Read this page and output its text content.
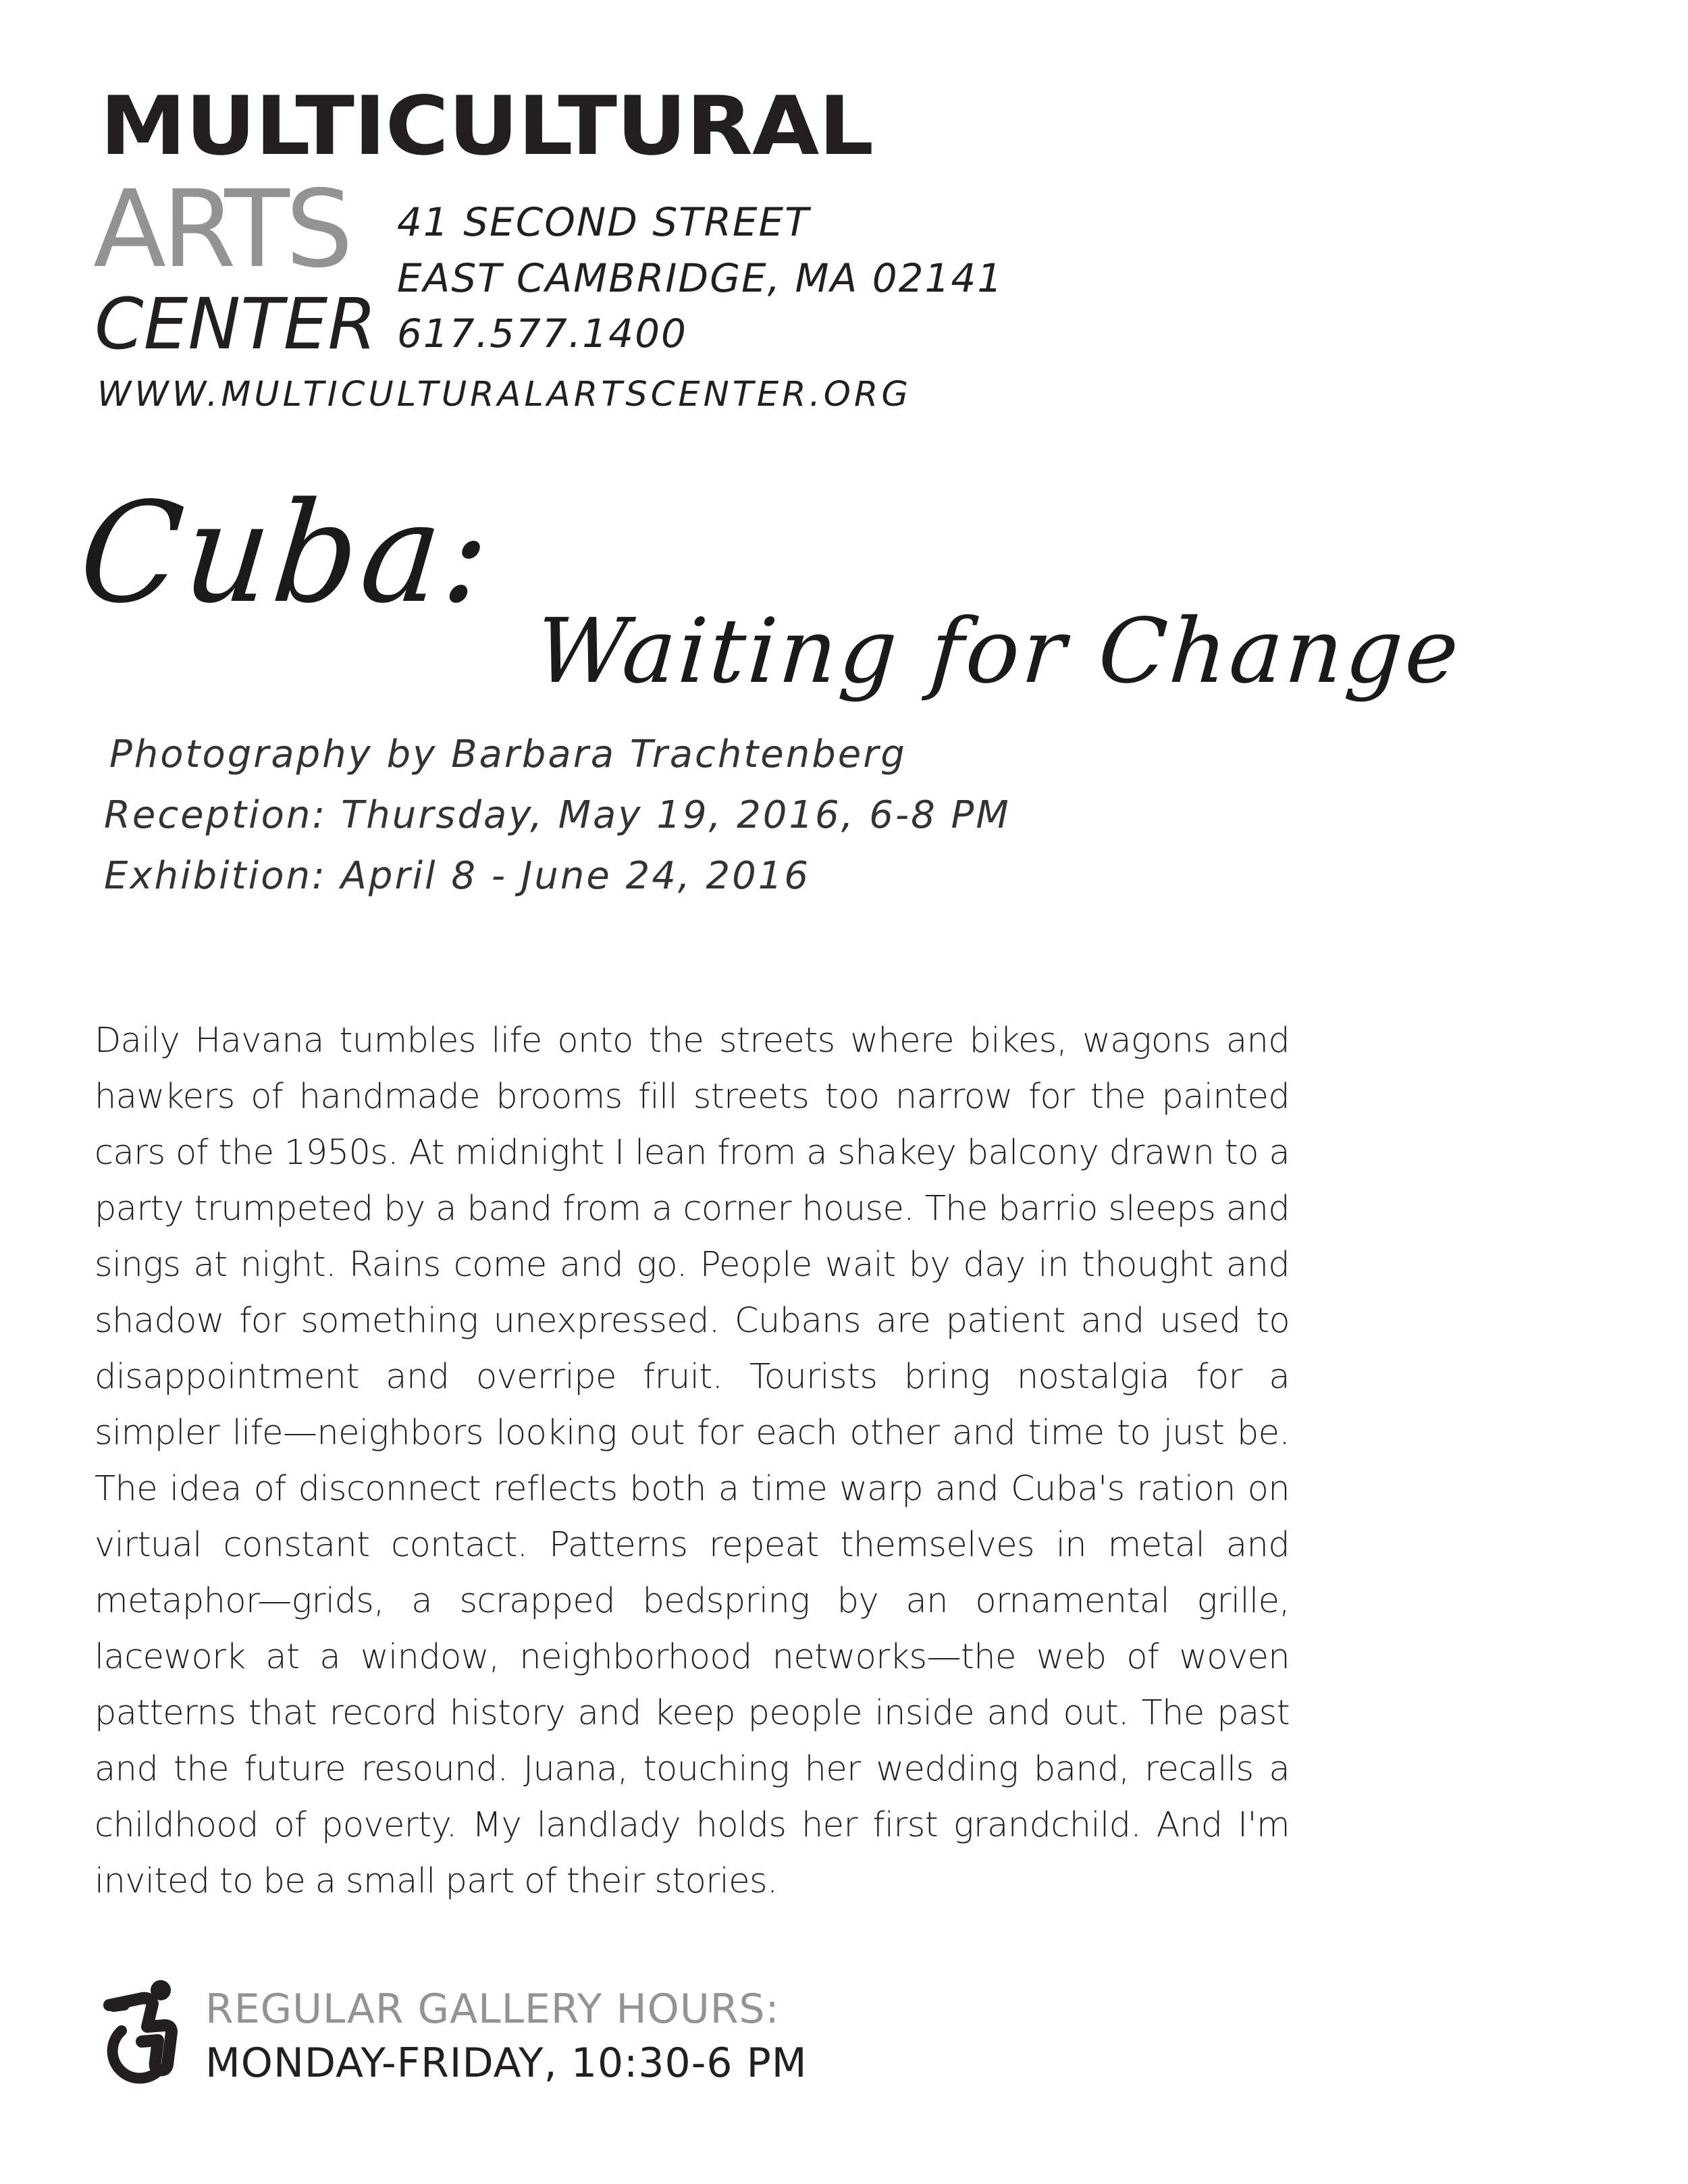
MULTICULTURAL
ARTS
CENTER
41 SECOND STREET
EAST CAMBRIDGE, MA 02141
617.577.1400
WWW.MULTICULTURALARTSCENTER.ORG
Cuba:
Waiting for Change
Photography by Barbara Trachtenberg
Reception: Thursday, May 19, 2016, 6-8 PM
Exhibition: April 8 - June 24, 2016

Daily Havana tumbles life onto the streets where bikes, wagons and hawkers of handmade brooms fill streets too narrow for the painted cars of the 1950s. At midnight I lean from a shakey balcony drawn to a party trumpeted by a band from a corner house. The barrio sleeps and sings at night. Rains come and go. People wait by day in thought and shadow for something unexpressed. Cubans are patient and used to disappointment and overripe fruit. Tourists bring nostalgia for a simpler life—neighbors looking out for each other and time to just be. The idea of disconnect reflects both a time warp and Cuba's ration on virtual constant contact. Patterns repeat themselves in metal and metaphor—grids, a scrapped bedspring by an ornamental grille, lacework at a window, neighborhood networks—the web of woven patterns that record history and keep people inside and out. The past and the future resound. Juana, touching her wedding band, recalls a childhood of poverty. My landlady holds her first grandchild. And I'm invited to be a small part of their stories.

REGULAR GALLERY HOURS:
MONDAY-FRIDAY, 10:30-6 PM
